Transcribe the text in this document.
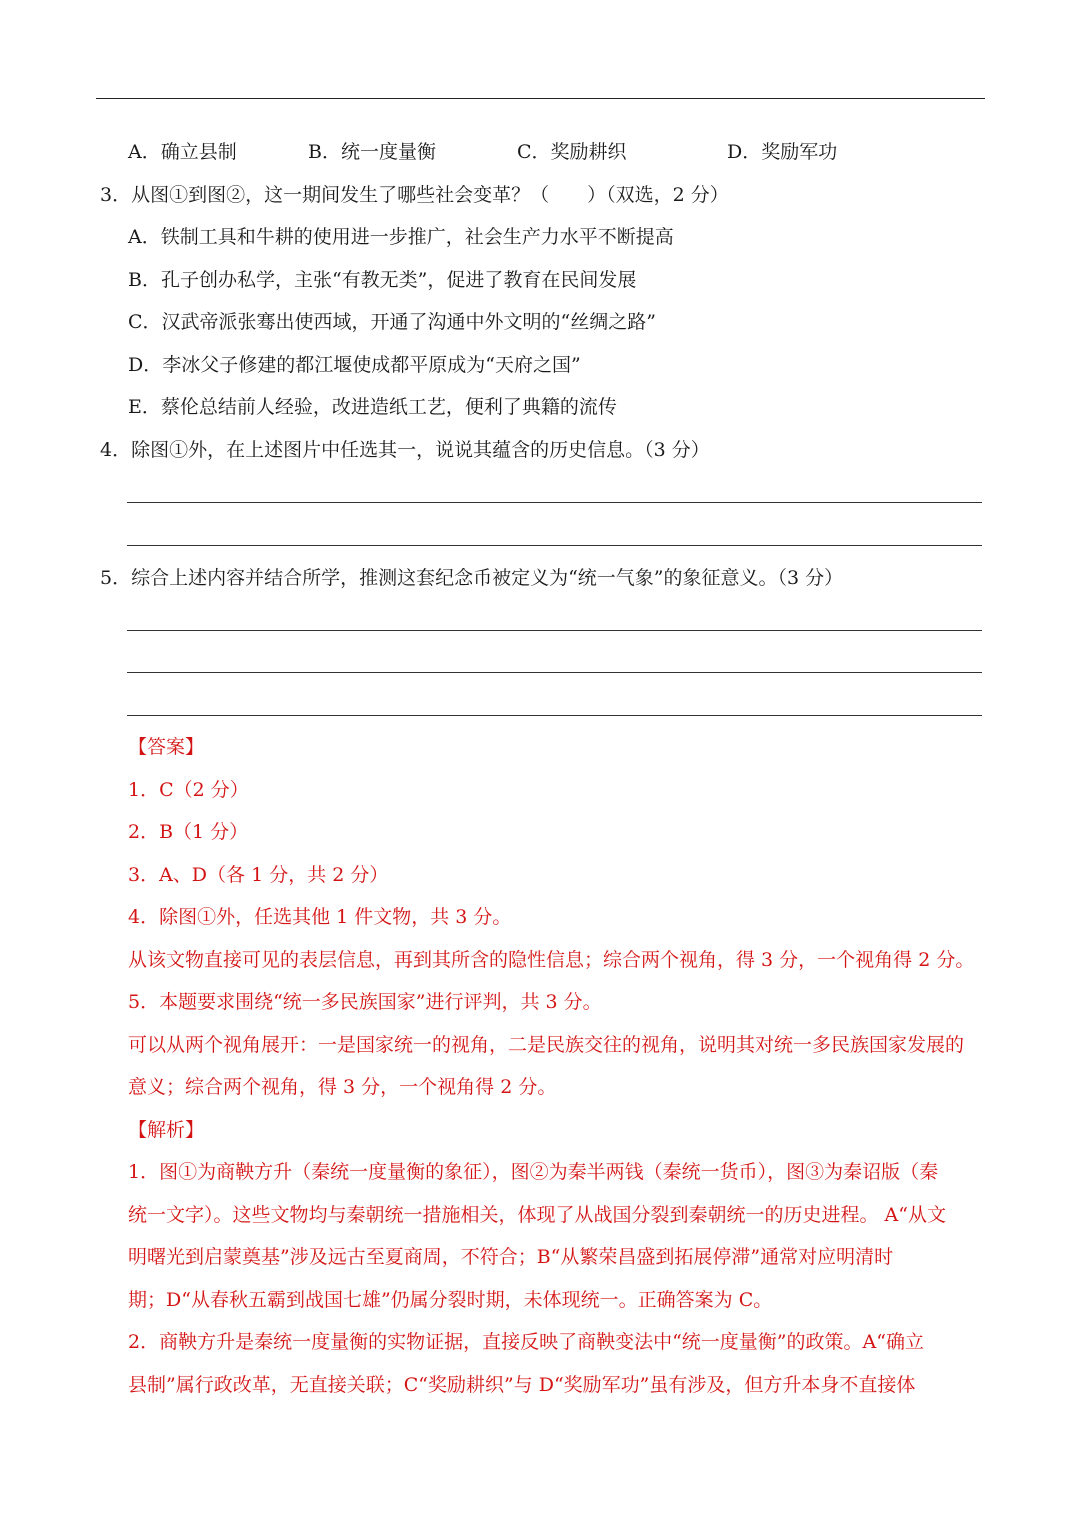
A．确立县制	B．统一度量衡	C．奖励耕织	D．奖励军功
3．从图①到图②，这一期间发生了哪些社会变革？（　　）（双选，2 分）
A．铁制工具和牛耕的使用进一步推广，社会生产力水平不断提高
B．孔子创办私学，主张“有教无类”，促进了教育在民间发展
C．汉武帝派张骞出使西域，开通了沟通中外文明的“丝绸之路”
D．李冰父子修建的都江堰使成都平原成为“天府之国”
E．蔡伦总结前人经验，改进造纸工艺，便利了典籍的流传
4．除图①外，在上述图片中任选其一，说说其蕴含的历史信息。（3 分）
5．综合上述内容并结合所学，推测这套纪念币被定义为“统一气象”的象征意义。（3 分）
【答案】
1．C（2 分）
2．B（1 分）
3．A、D（各 1 分，共 2 分）
4．除图①外，任选其他 1 件文物，共 3 分。
从该文物直接可见的表层信息，再到其所含的隐性信息；综合两个视角，得 3 分，一个视角得 2 分。
5．本题要求围绕“统一多民族国家”进行评判，共 3 分。
可以从两个视角展开：一是国家统一的视角，二是民族交往的视角，说明其对统一多民族国家发展的
意义；综合两个视角，得 3 分，一个视角得 2 分。
【解析】
1．图①为商鞅方升（秦统一度量衡的象征），图②为秦半两钱（秦统一货币），图③为秦诏版（秦
统一文字）。这些文物均与秦朝统一措施相关，体现了从战国分裂到秦朝统一的历史进程。 A“从文
明曙光到启蒙奠基”涉及远古至夏商周，不符合；B“从繁荣昌盛到拓展停滞”通常对应明清时
期；D“从春秋五霸到战国七雄”仍属分裂时期，未体现统一。正确答案为 C。
2．商鞅方升是秦统一度量衡的实物证据，直接反映了商鞅变法中“统一度量衡”的政策。A“确立
县制”属行政改革，无直接关联；C“奖励耕织”与 D“奖励军功”虽有涉及，但方升本身不直接体
